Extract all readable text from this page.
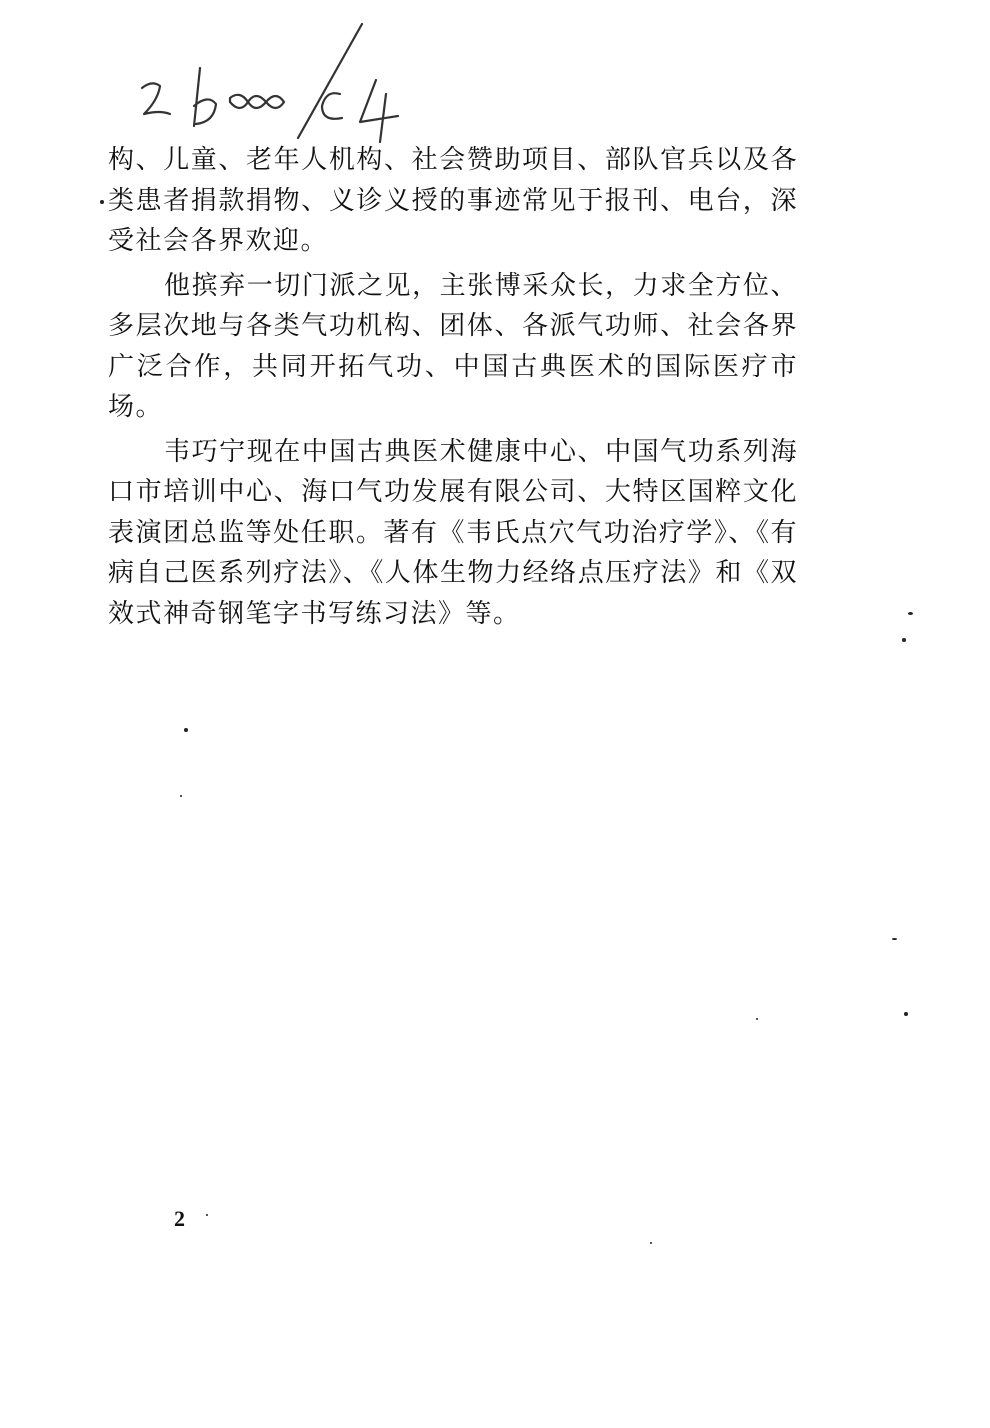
构、儿童、老年人机构、社会赞助项目、部队官兵以及各类患者捐款捐物、义诊义授的事迹常见于报刊、电台，深受社会各界欢迎。

他摈弃一切门派之见，主张博采众长，力求全方位、多层次地与各类气功机构、团体、各派气功师、社会各界广泛合作，共同开拓气功、中国古典医术的国际医疗市场。

韦巧宁现在中国古典医术健康中心、中国气功系列海口市培训中心、海口气功发展有限公司、大特区国粹文化表演团总监等处任职。著有《韦氏点穴气功治疗学》、《有病自己医系列疗法》、《人体生物力经络点压疗法》和《双效式神奇钢笔字书写练习法》等。

2
